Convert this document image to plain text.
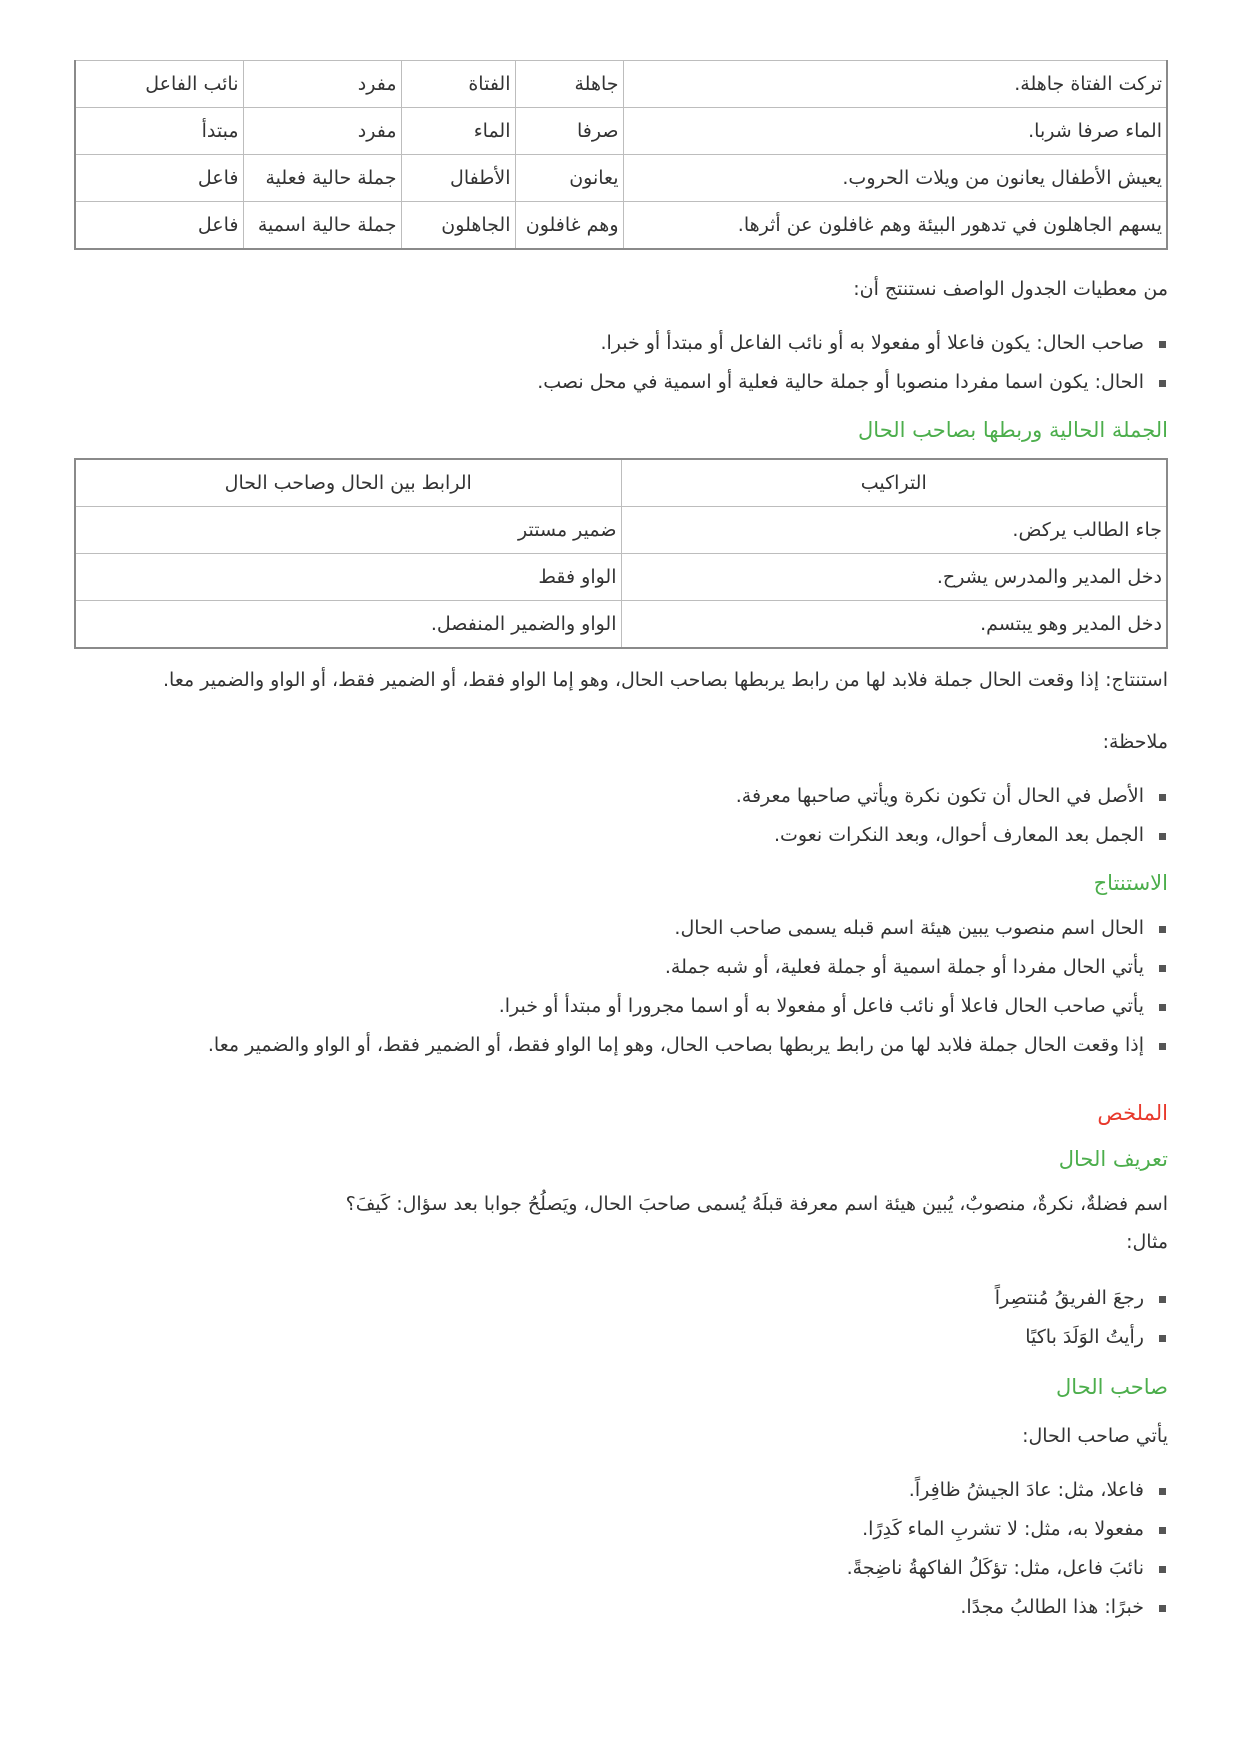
تركت الفتاة جاهلة.	جاهلة	الفتاة	مفرد	نائب الفاعل
الماء صرفا شربا.	صرفا	الماء	مفرد	مبتدأ
يعيش الأطفال يعانون من ويلات الحروب.	يعانون	الأطفال	جملة حالية فعلية	فاعل
يسهم الجاهلون في تدهور البيئة وهم غافلون عن أثرها.	وهم غافلون	الجاهلون	جملة حالية اسمية	فاعل

من معطيات الجدول الواصف نستنتج أن:

صاحب الحال: يكون فاعلا أو مفعولا به أو نائب الفاعل أو مبتدأ أو خبرا.
الحال: يكون اسما مفردا منصوبا أو جملة حالية فعلية أو اسمية في محل نصب.
الجملة الحالية وربطها بصاحب الحال
التراكيب	الرابط بين الحال وصاحب الحال
جاء الطالب يركض.	ضمير مستتر
دخل المدير والمدرس يشرح.	الواو فقط
دخل المدير وهو يبتسم.	الواو والضمير المنفصل.

استنتاج: إذا وقعت الحال جملة فلابد لها من رابط يربطها بصاحب الحال، وهو إما الواو فقط، أو الضمير فقط، أو الواو والضمير معا.

ملاحظة:

الأصل في الحال أن تكون نكرة ويأتي صاحبها معرفة.
الجمل بعد المعارف أحوال، وبعد النكرات نعوت.
الاستنتاج
الحال اسم منصوب يبين هيئة اسم قبله يسمى صاحب الحال.
يأتي الحال مفردا أو جملة اسمية أو جملة فعلية، أو شبه جملة.
يأتي صاحب الحال فاعلا أو نائب فاعل أو مفعولا به أو اسما مجرورا أو مبتدأ أو خبرا.
إذا وقعت الحال جملة فلابد لها من رابط يربطها بصاحب الحال، وهو إما الواو فقط، أو الضمير فقط، أو الواو والضمير معا.
الملخص
تعريف الحال

اسم فضلةٌ، نكرةٌ، منصوبٌ، يُبين هيئة اسم معرفة قبلَهُ يُسمى صاحبَ الحال، ويَصلُحُ جوابا بعد سؤال: كَيفَ؟

مثال:

رجعَ الفريقُ مُنتصِراً
رأيتُ الوَلَدَ باكيًا
صاحب الحال

يأتي صاحب الحال:

فاعلا، مثل: عادَ الجيشُ ظافِراً.
مفعولا به، مثل: لا تشربِ الماء كَدِرًا.
نائبَ فاعل، مثل: تؤكَلُ الفاكهةُ ناضِجةً.
خبرًا: هذا الطالبُ مجدًا.
